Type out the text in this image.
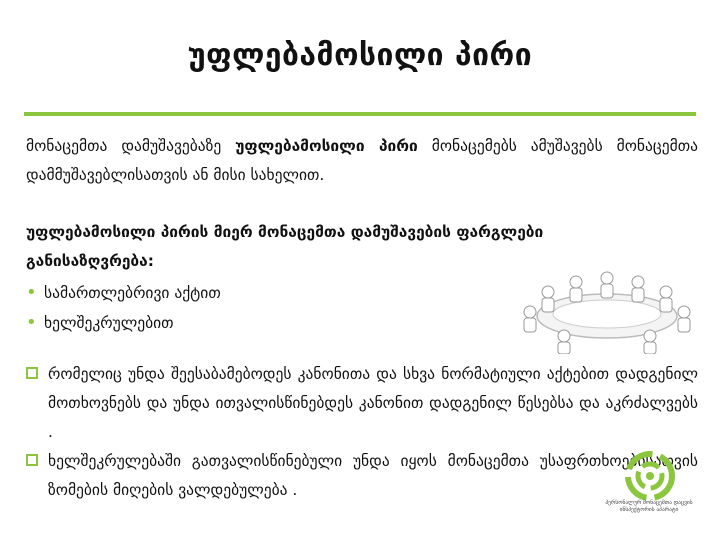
უფლებამოსილი პირი
მონაცემთა დამუშავებაზე უფლებამოსილი პირი მონაცემებს ამუშავებს მონაცემთა დამმუშავებლისათვის ან მისი სახელით.
უფლებამოსილი პირის მიერ მონაცემთა დამუშავების ფარგლები განისაზღვრება:
• სამართლებრივი აქტით
• ხელშეკრულებით
რომელიც უნდა შეესაბამებოდეს კანონითა და სხვა ნორმატიული აქტებით დადგენილ მოთხოვნებს და უნდა ითვალისწინებდეს კანონით დადგენილ წესებსა და აკრძალვებს .
ხელშეკრულებაში გათვალისწინებული უნდა იყოს მონაცემთა უსაფრთხოებისათვის ზომების მიღების ვალდებულება .
პერსონალურ მონაცემთა დაცვის ინსპექტორის აპარატი
